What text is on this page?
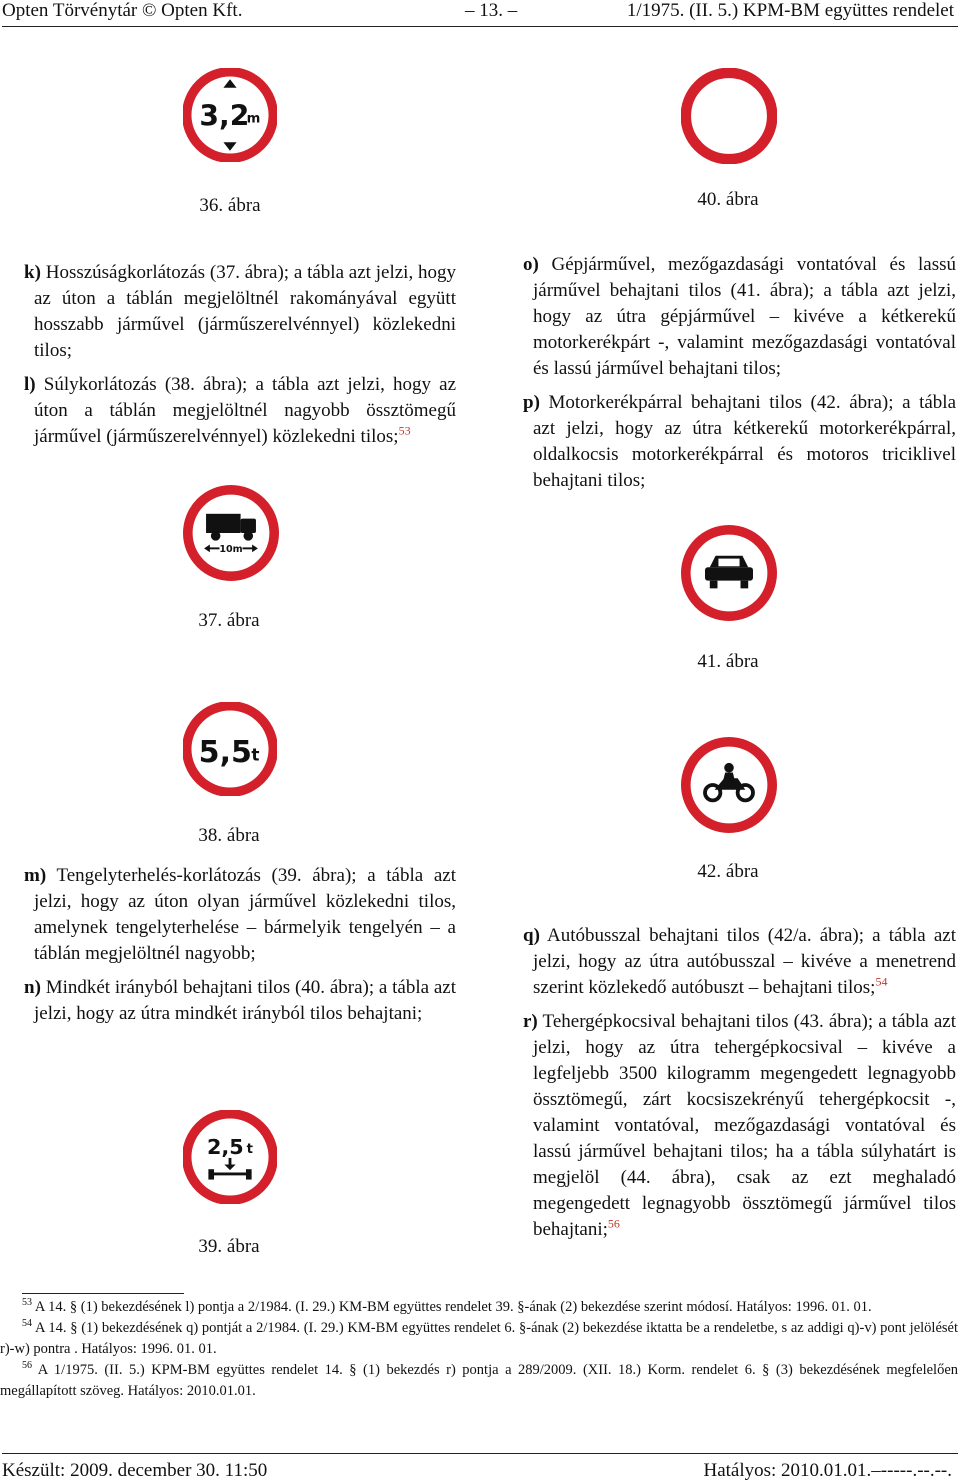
Opten Törvénytár © Opten Kft.	– 13. –	1/1975. (II. 5.) KPM-BM együttes rendelet
3,2
m
36. ábra	40. ábra

k) Hosszúságkorlátozás (37. ábra); a tábla azt jelzi, hogy az úton a táblán megjelöltnél rakományával együtt hosszabb járművel (járműszerelvénnyel) közlekedni tilos;

l) Súlykorlátozás (38. ábra); a tábla azt jelzi, hogy az úton a táblán megjelöltnél nagyobb össztömegű járművel (járműszerelvénnyel) közlekedni tilos;$^{53}$

o) Gépjárművel, mezőgazdasági vontatóval és lassú járművel behajtani tilos (41. ábra); a tábla azt jelzi, hogy az útra gépjárművel – kivéve a kétkerekű motorkerékpárt -, valamint mezőgazdasági vontatóval és lassú járművel behajtani tilos;

p) Motorkerékpárral behajtani tilos (42. ábra); a tábla azt jelzi, hogy az útra kétkerekű motorkerékpárral, oldalkocsis motorkerékpárral és motoros triciklivel behajtani tilos;

10m
37. ábra
41. ábra
5,5 t
38. ábra
42. ábra

m) Tengelyterhelés-korlátozás (39. ábra); a tábla azt jelzi, hogy az úton olyan járművel közlekedni tilos, amelynek tengelyterhelése – bármelyik tengelyén – a táblán megjelöltnél nagyobb;

n) Mindkét irányból behajtani tilos (40. ábra); a tábla azt jelzi, hogy az útra mindkét irányból tilos behajtani;

q) Autóbusszal behajtani tilos (42/a. ábra); a tábla azt jelzi, hogy az útra autóbusszal – kivéve a menetrend szerint közlekedő autóbuszt – behajtani tilos;$^{54}$

r) Tehergépkocsival behajtani tilos (43. ábra); a tábla azt jelzi, hogy az útra tehergépkocsival – kivéve a legfeljebb 3500 kilogramm megengedett legnagyobb össztömegű, zárt kocsiszekrényű tehergépkocsit -, valamint vontatóval, mezőgazdasági vontatóval és lassú járművel behajtani tilos; ha a tábla súlyhatárt is megjelöl (44. ábra), csak az ezt meghaladó megengedett legnagyobb össztömegű járművel tilos behajtani;$^{56}$

2,5 t
39. ábra

$^{53}$ A 14. § (1) bekezdésének l) pontja a 2/1984. (I. 29.) KM-BM együttes rendelet 39. §-ának (2) bekezdése szerint módosí. Hatályos: 1996. 01. 01.

$^{54}$ A 14. § (1) bekezdésének q) pontját a 2/1984. (I. 29.) KM-BM együttes rendelet 6. §-ának (2) bekezdése iktatta be a rendeletbe, s az addigi q)-v) pont jelölését r)-w) pontra . Hatályos: 1996. 01. 01.

$^{56}$ A 1/1975. (II. 5.) KPM-BM együttes rendelet 14. § (1) bekezdés r) pontja a 289/2009. (XII. 18.) Korm. rendelet 6. § (3) bekezdésének megfelelően megállapított szöveg. Hatályos: 2010.01.01.

Készült: 2009. december 30. 11:50	Hatályos: 2010.01.01.–-----.--.--.
